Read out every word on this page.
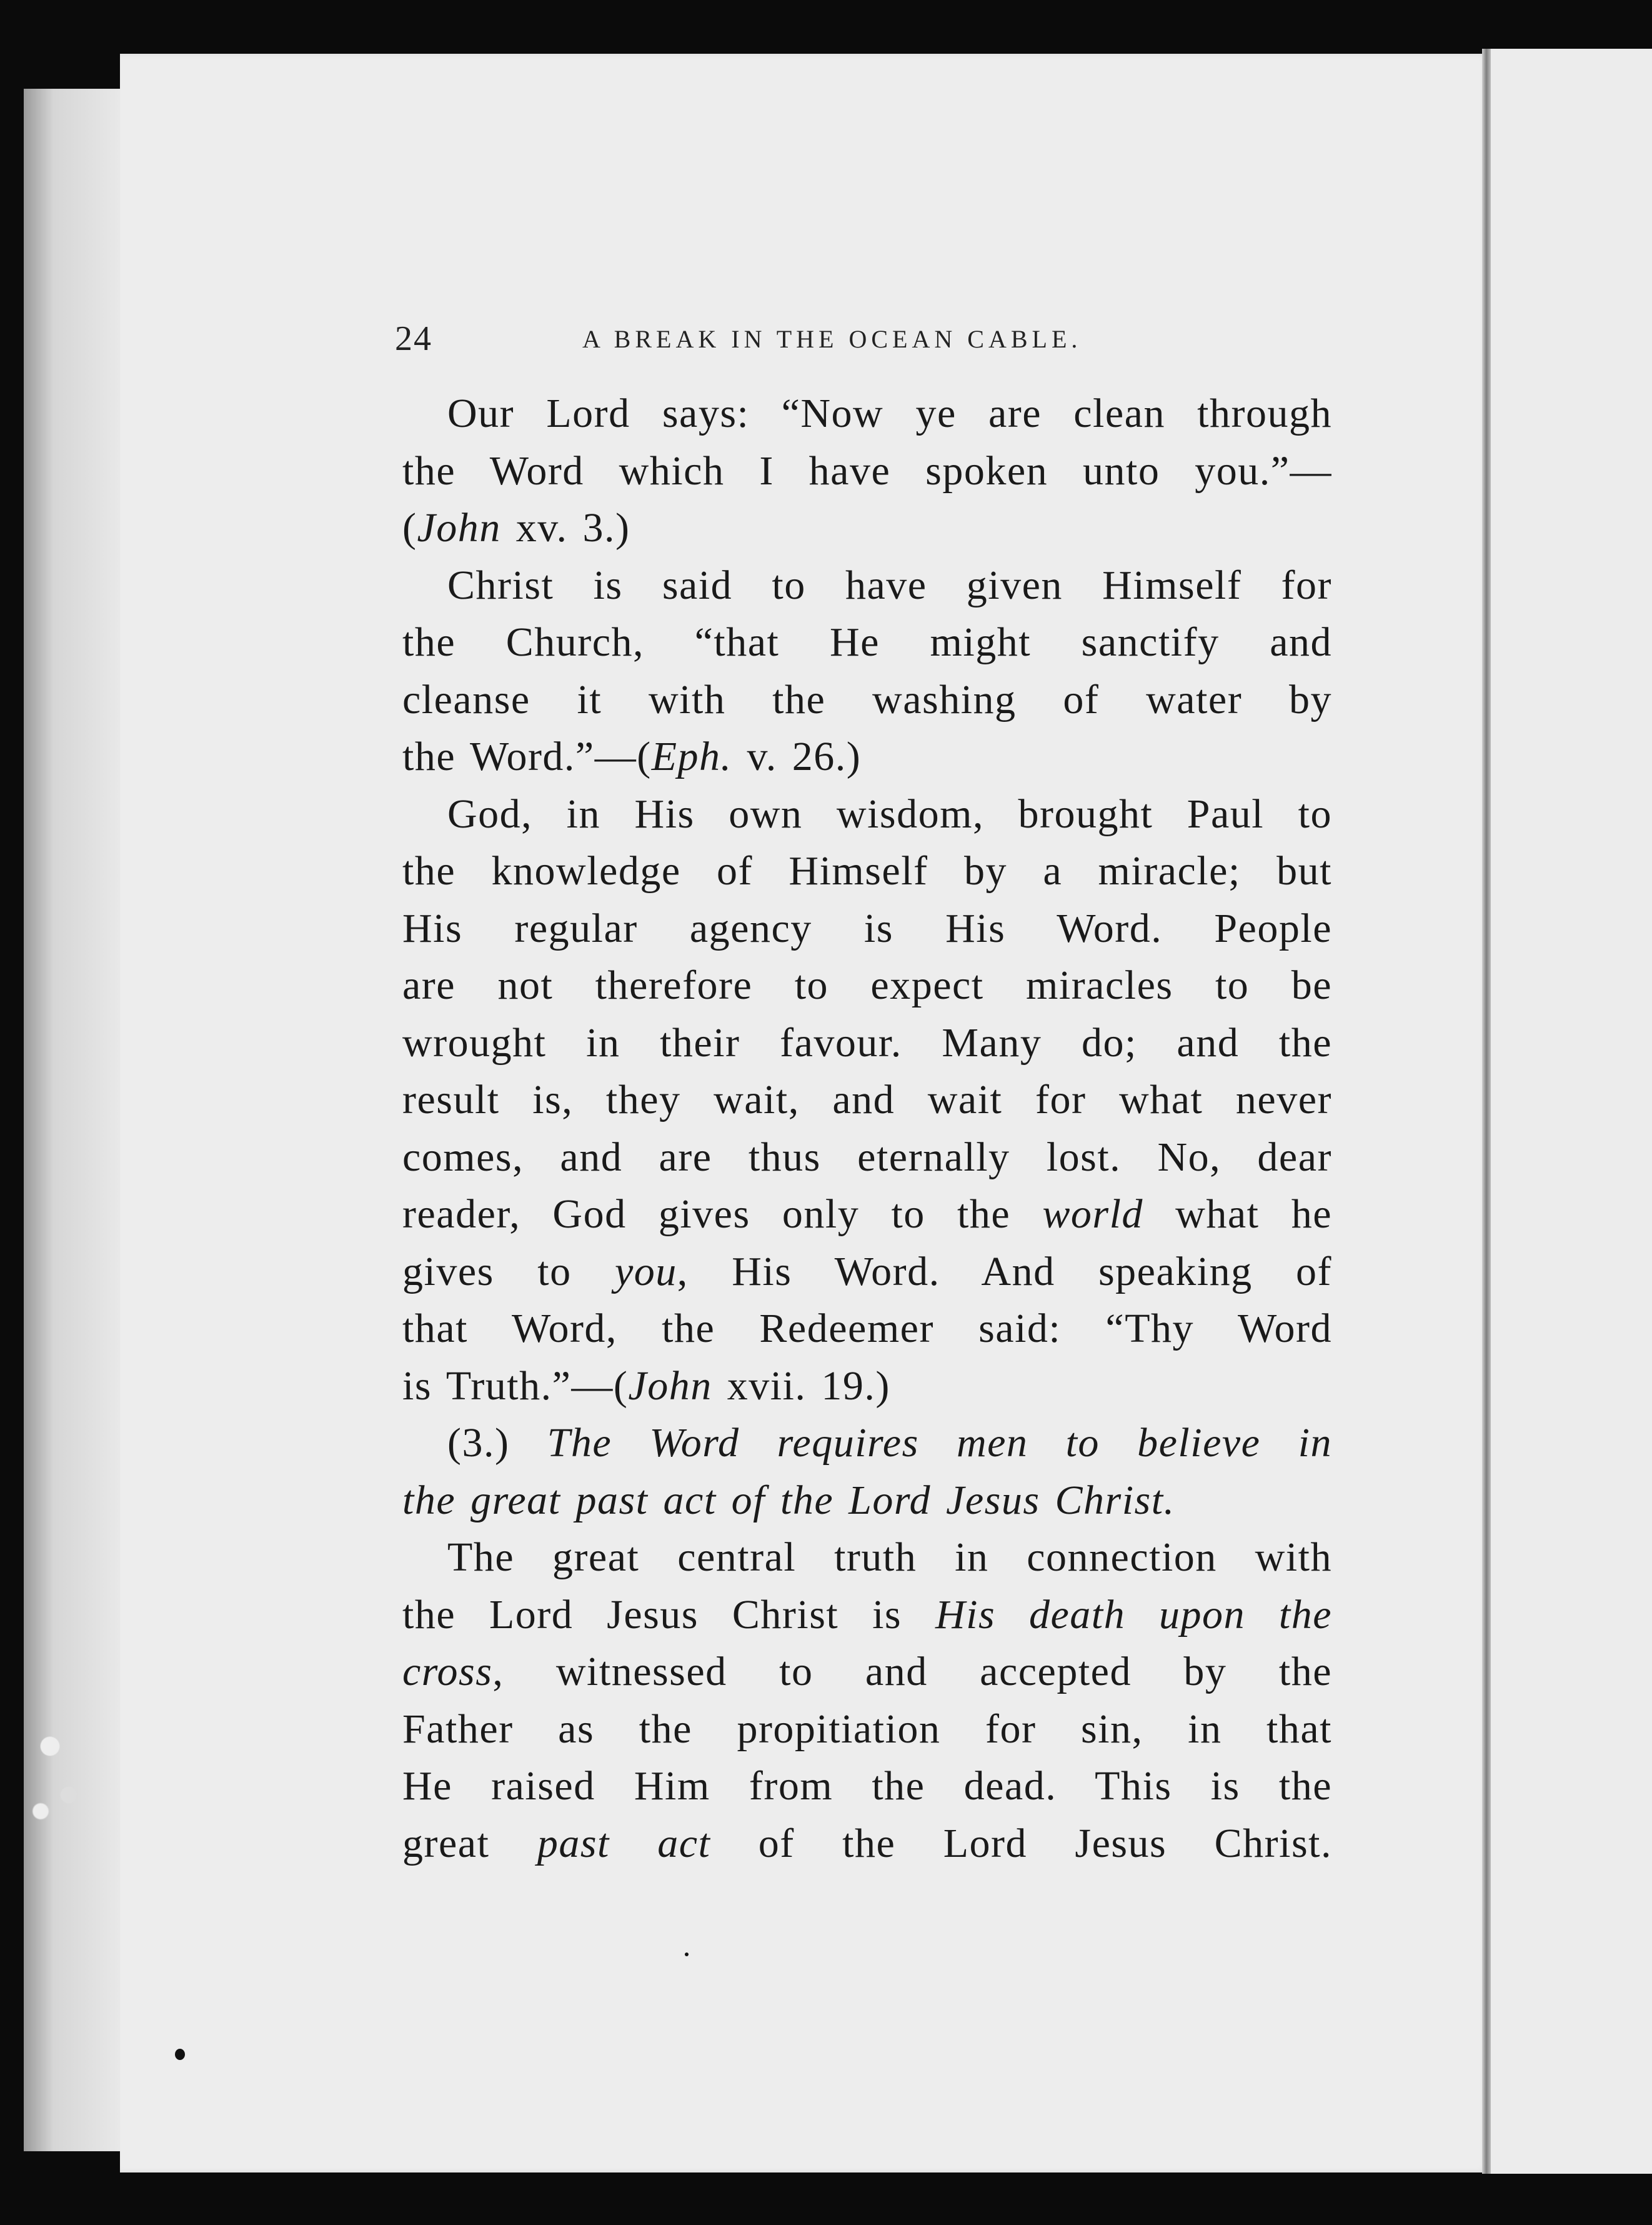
24	A BREAK IN THE OCEAN CABLE.
Our Lord says: “Now ye are clean through
the Word which I have spoken unto you.”—
(John xv. 3.)
Christ is said to have given Himself for
the Church, “that He might sanctify and
cleanse it with the washing of water by
the Word.”—(Eph. v. 26.)
God, in His own wisdom, brought Paul to
the knowledge of Himself by a miracle; but
His regular agency is His Word. People
are not therefore to expect miracles to be
wrought in their favour. Many do; and the
result is, they wait, and wait for what never
comes, and are thus eternally lost. No, dear
reader, God gives only to the world what he
gives to you, His Word. And speaking of
that Word, the Redeemer said: “Thy Word
is Truth.”—(John xvii. 19.)
(3.) The Word requires men to believe in
the great past act of the Lord Jesus Christ.
The great central truth in connection with
the Lord Jesus Christ is His death upon the
cross, witnessed to and accepted by the
Father as the propitiation for sin, in that
He raised Him from the dead. This is the
great past act of the Lord Jesus Christ.
